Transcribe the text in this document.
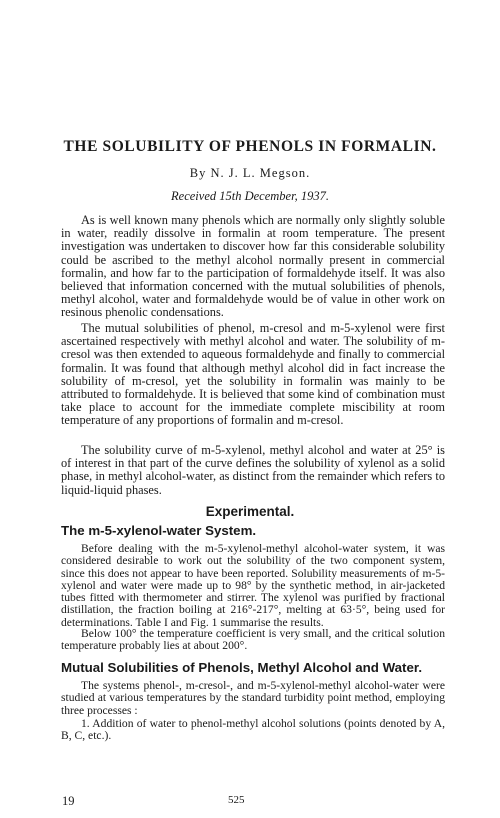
THE SOLUBILITY OF PHENOLS IN FORMALIN.

By N. J. L. Megson.

Received 15th December, 1937.

As is well known many phenols which are normally only slightly soluble in water, readily dissolve in formalin at room temperature. The present investigation was undertaken to discover how far this considerable solubility could be ascribed to the methyl alcohol normally present in commercial formalin, and how far to the participation of formaldehyde itself. It was also believed that information concerned with the mutual solubilities of phenols, methyl alcohol, water and formaldehyde would be of value in other work on resinous phenolic condensations.

The mutual solubilities of phenol, m-cresol and m-5-xylenol were first ascertained respectively with methyl alcohol and water. The solubility of m-cresol was then extended to aqueous formaldehyde and finally to commercial formalin. It was found that although methyl alcohol did in fact increase the solubility of m-cresol, yet the solubility in formalin was mainly to be attributed to formaldehyde. It is believed that some kind of combination must take place to account for the immediate complete miscibility at room temperature of any proportions of formalin and m-cresol.

The solubility curve of m-5-xylenol, methyl alcohol and water at 25° is of interest in that part of the curve defines the solubility of xylenol as a solid phase, in methyl alcohol-water, as distinct from the remainder which refers to liquid-liquid phases.

Experimental.
The m-5-xylenol-water System.

Before dealing with the m-5-xylenol-methyl alcohol-water system, it was considered desirable to work out the solubility of the two component system, since this does not appear to have been reported. Solubility measurements of m-5-xylenol and water were made up to 98° by the synthetic method, in air-jacketed tubes fitted with thermometer and stirrer. The xylenol was purified by fractional distillation, the fraction boiling at 216°-217°, melting at 63·5°, being used for determinations. Table I and Fig. 1 summarise the results.

Below 100° the temperature coefficient is very small, and the critical solution temperature probably lies at about 200°.

Mutual Solubilities of Phenols, Methyl Alcohol and Water.

The systems phenol-, m-cresol-, and m-5-xylenol-methyl alcohol-water were studied at various temperatures by the standard turbidity point method, employing three processes :

1. Addition of water to phenol-methyl alcohol solutions (points denoted by A, B, C, etc.).

19	525
